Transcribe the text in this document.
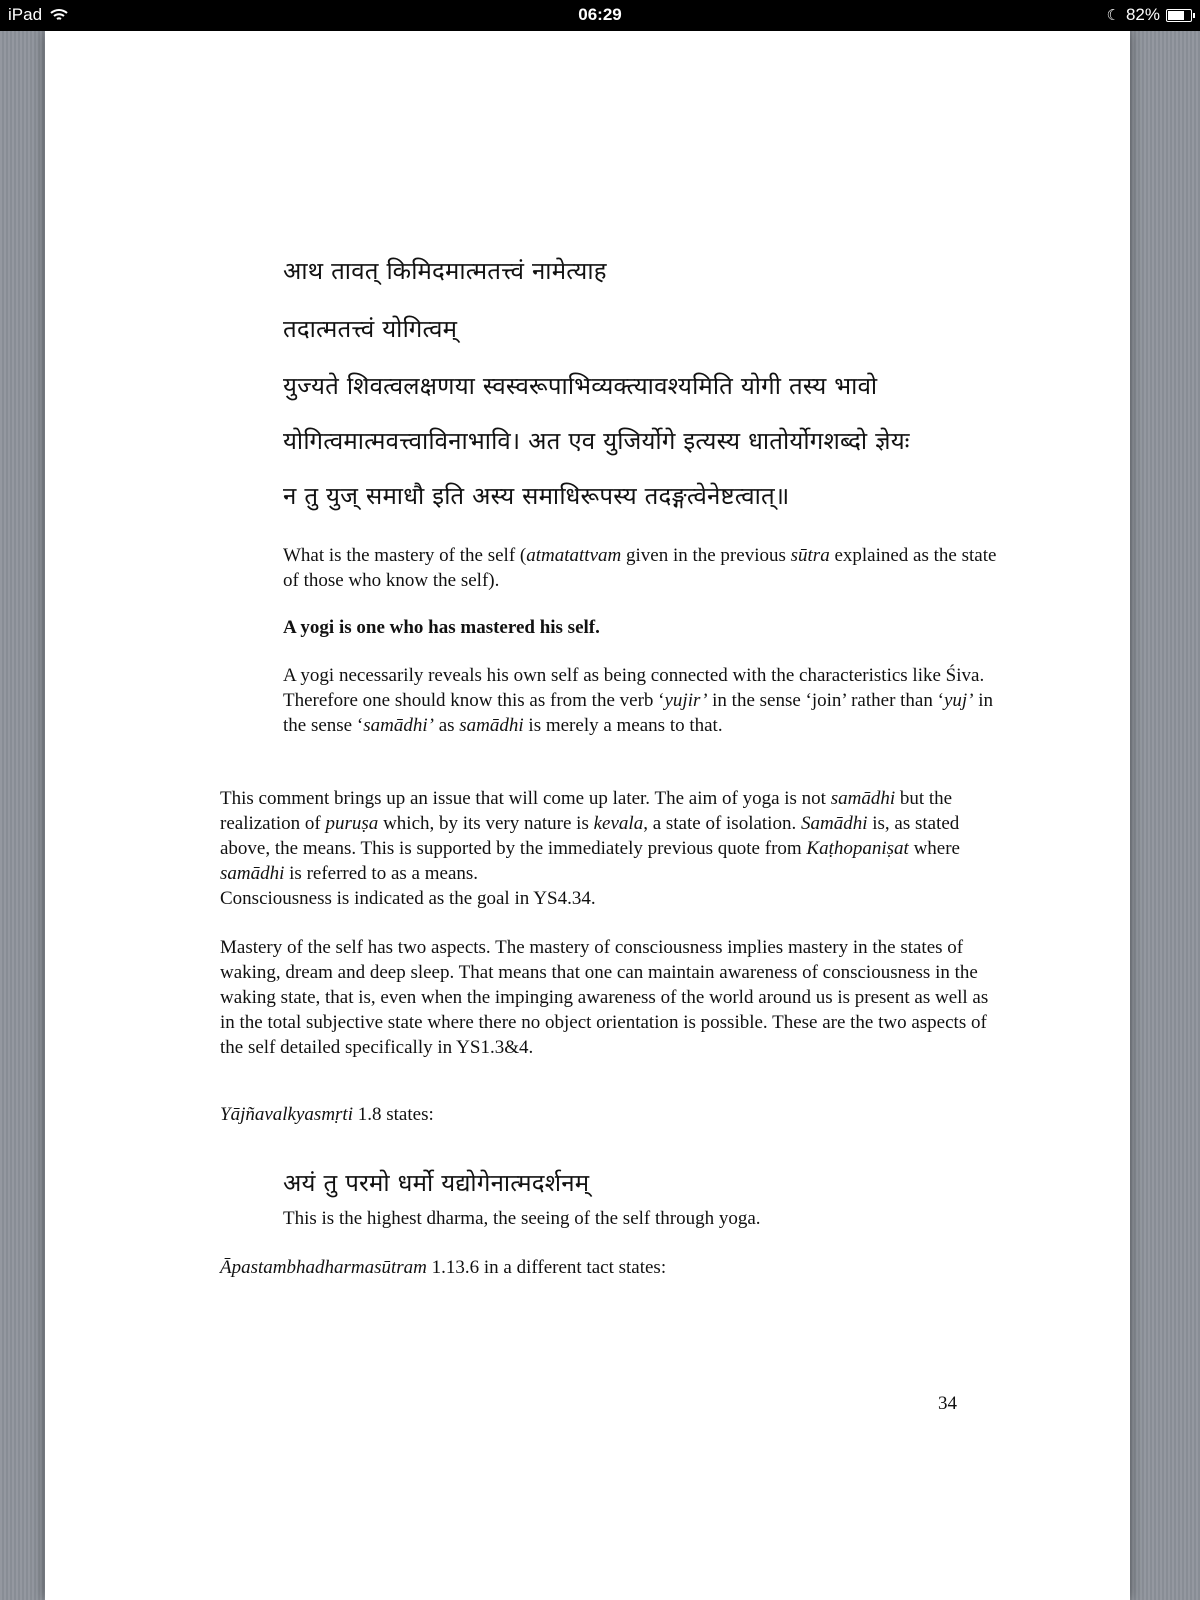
iPad	06:29	☾ 82%
आथ तावत् किमिदमात्मतत्त्वं नामेत्याह
तदात्मतत्त्वं योगित्वम्
युज्यते शिवत्वलक्षणया स्वस्वरूपाभिव्यक्त्यावश्यमिति योगी तस्य भावो
योगित्वमात्मवत्त्वाविनाभावि। अत एव युजिर्योगे इत्यस्य धातोर्योगशब्दो ज्ञेयः
न तु युज् समाधौ इति अस्य समाधिरूपस्य तदङ्गत्वेनेष्टत्वात्॥
What is the mastery of the self (atmatattvam given in the previous sūtra explained as the state of those who know the self).
A yogi is one who has mastered his self.
A yogi necessarily reveals his own self as being connected with the characteristics like Śiva. Therefore one should know this as from the verb ‘yujir’ in the sense ‘join’ rather than ‘yuj’ in the sense ‘samādhi’ as samādhi is merely a means to that.
This comment brings up an issue that will come up later. The aim of yoga is not samādhi but the realization of puruṣa which, by its very nature is kevala, a state of isolation. Samādhi is, as stated above, the means. This is supported by the immediately previous quote from Kaṭhopaniṣat where samādhi is referred to as a means.
Consciousness is indicated as the goal in YS4.34.
Mastery of the self has two aspects. The mastery of consciousness implies mastery in the states of waking, dream and deep sleep. That means that one can maintain awareness of consciousness in the waking state, that is, even when the impinging awareness of the world around us is present as well as in the total subjective state where there no object orientation is possible. These are the two aspects of the self detailed specifically in YS1.3&4.
Yājñavalkyasmṛti 1.8 states:
अयं तु परमो धर्मो यद्योगेनात्मदर्शनम्
This is the highest dharma, the seeing of the self through yoga.
Āpastambhadharmasūtram 1.13.6 in a different tact states:
34
